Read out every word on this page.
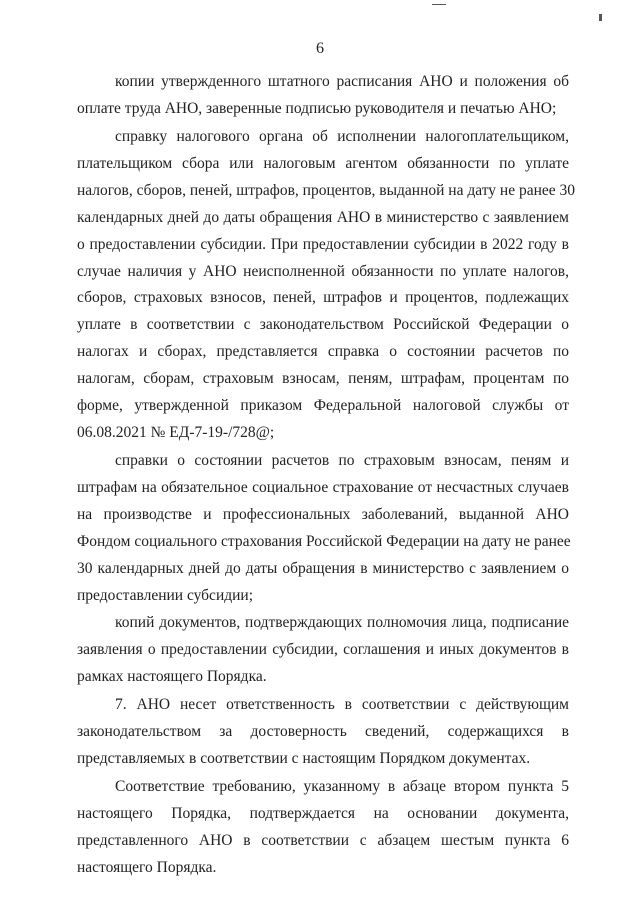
6
копии утвержденного штатного расписания АНО и положения об
оплате труда АНО, заверенные подписью руководителя и печатью АНО;
справку налогового органа об исполнении налогоплательщиком,
плательщиком сбора или налоговым агентом обязанности по уплате
налогов, сборов, пеней, штрафов, процентов, выданной на дату не ранее 30
календарных дней до даты обращения АНО в министерство с заявлением
о предоставлении субсидии. При предоставлении субсидии в 2022 году в
случае наличия у АНО неисполненной обязанности по уплате налогов,
сборов, страховых взносов, пеней, штрафов и процентов, подлежащих
уплате в соответствии с законодательством Российской Федерации о
налогах и сборах, представляется справка о состоянии расчетов по
налогам, сборам, страховым взносам, пеням, штрафам, процентам по
форме, утвержденной приказом Федеральной налоговой службы от
06.08.2021 № ЕД-7-19-/728@;
справки о состоянии расчетов по страховым взносам, пеням и
штрафам на обязательное социальное страхование от несчастных случаев
на производстве и профессиональных заболеваний, выданной АНО
Фондом социального страхования Российской Федерации на дату не ранее
30 календарных дней до даты обращения в министерство с заявлением о
предоставлении субсидии;
копий документов, подтверждающих полномочия лица, подписание
заявления о предоставлении субсидии, соглашения и иных документов в
рамках настоящего Порядка.
7. АНО несет ответственность в соответствии с действующим
законодательством за достоверность сведений, содержащихся в
представляемых в соответствии с настоящим Порядком документах.
Соответствие требованию, указанному в абзаце втором пункта 5
настоящего Порядка, подтверждается на основании документа,
представленного АНО в соответствии с абзацем шестым пункта 6
настоящего Порядка.
